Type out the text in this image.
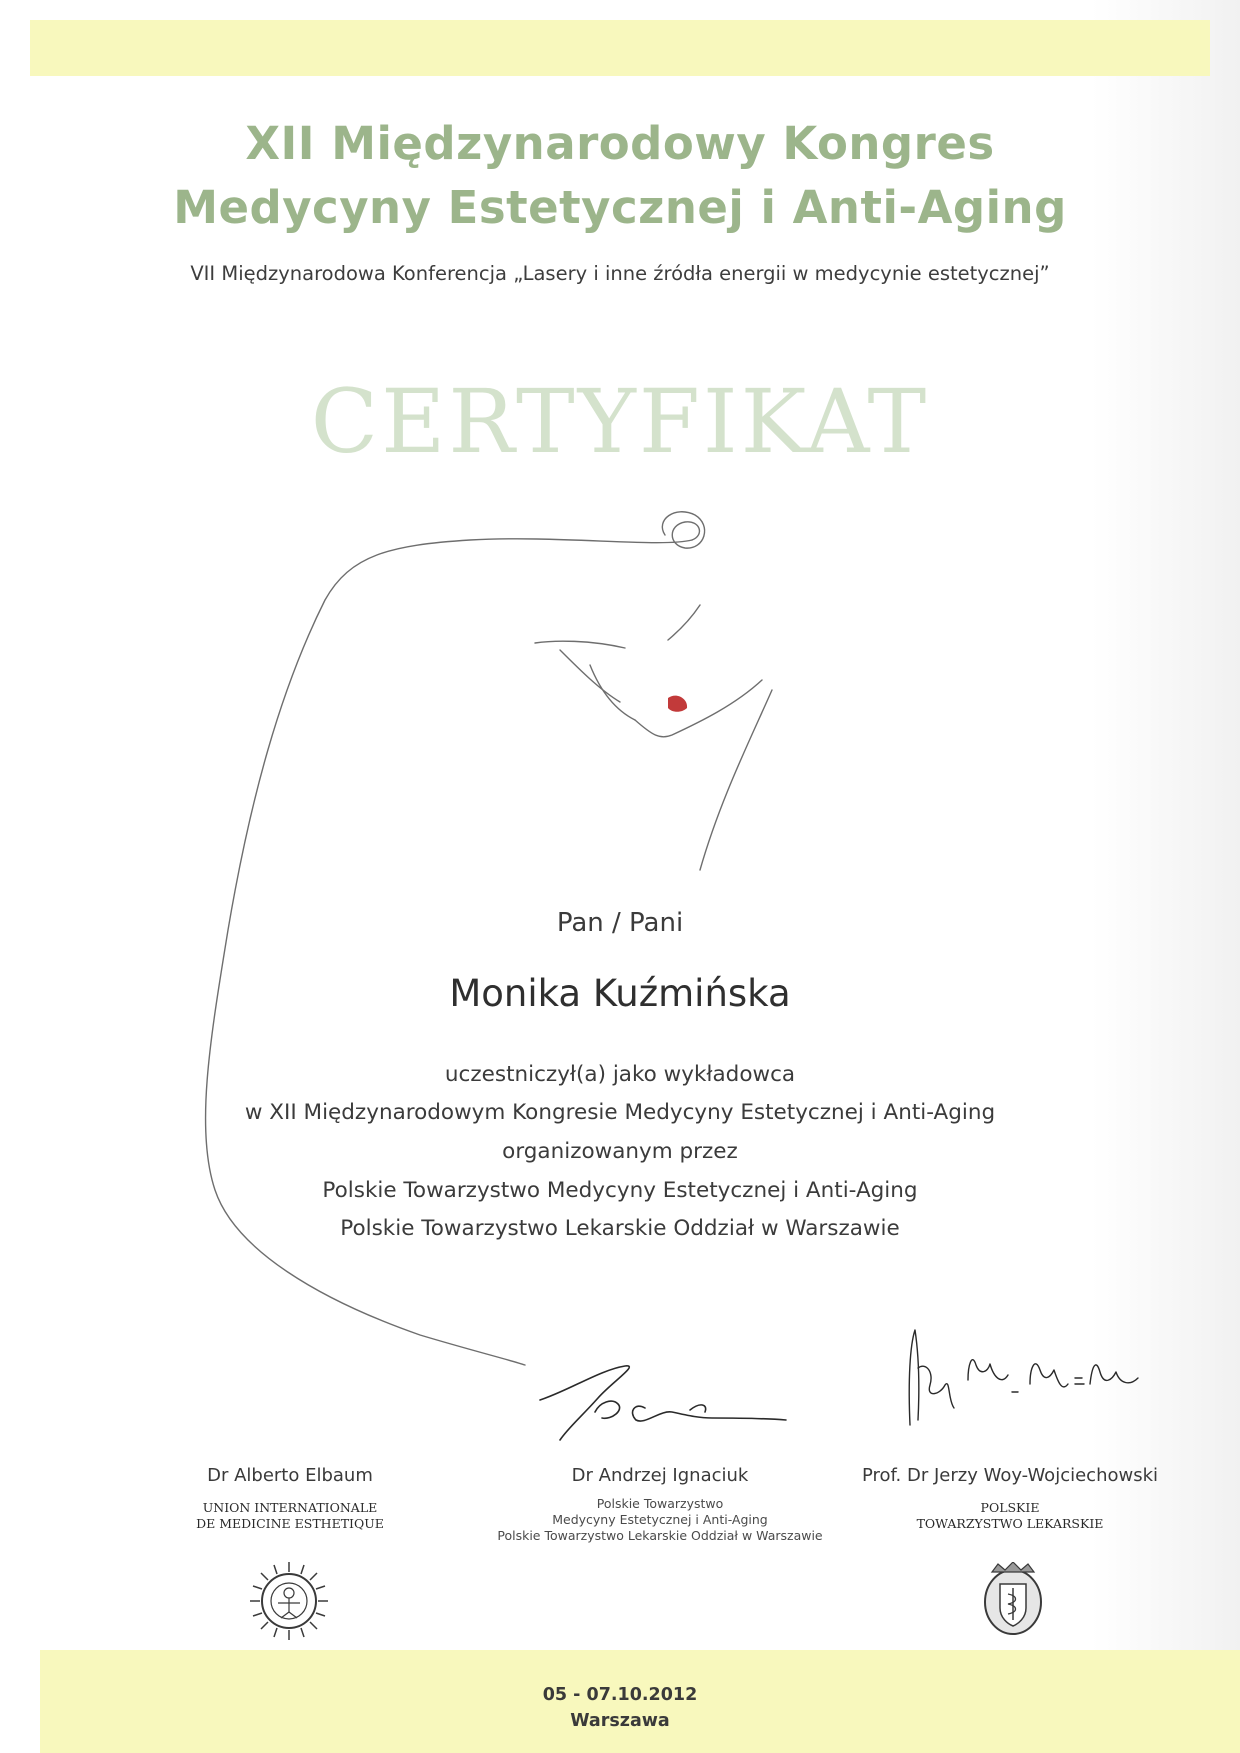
XII Międzynarodowy Kongres
Medycyny Estetycznej i Anti-Aging
VII Międzynarodowa Konferencja „Lasery i inne źródła energii w medycynie estetycznej”
CERTYFIKAT
Pan / Pani
Monika Kuźmińska
uczestniczył(a) jako wykładowca
w XII Międzynarodowym Kongresie Medycyny Estetycznej i Anti-Aging
organizowanym przez
Polskie Towarzystwo Medycyny Estetycznej i Anti-Aging
Polskie Towarzystwo Lekarskie Oddział w Warszawie
Dr Alberto Elbaum
UNION INTERNATIONALE
DE MEDICINE ESTHETIQUE
Dr Andrzej Ignaciuk
Polskie Towarzystwo
Medycyny Estetycznej i Anti-Aging
Polskie Towarzystwo Lekarskie Oddział w Warszawie
Prof. Dr Jerzy Woy-Wojciechowski
POLSKIE
TOWARZYSTWO LEKARSKIE
05 - 07.10.2012
Warszawa
